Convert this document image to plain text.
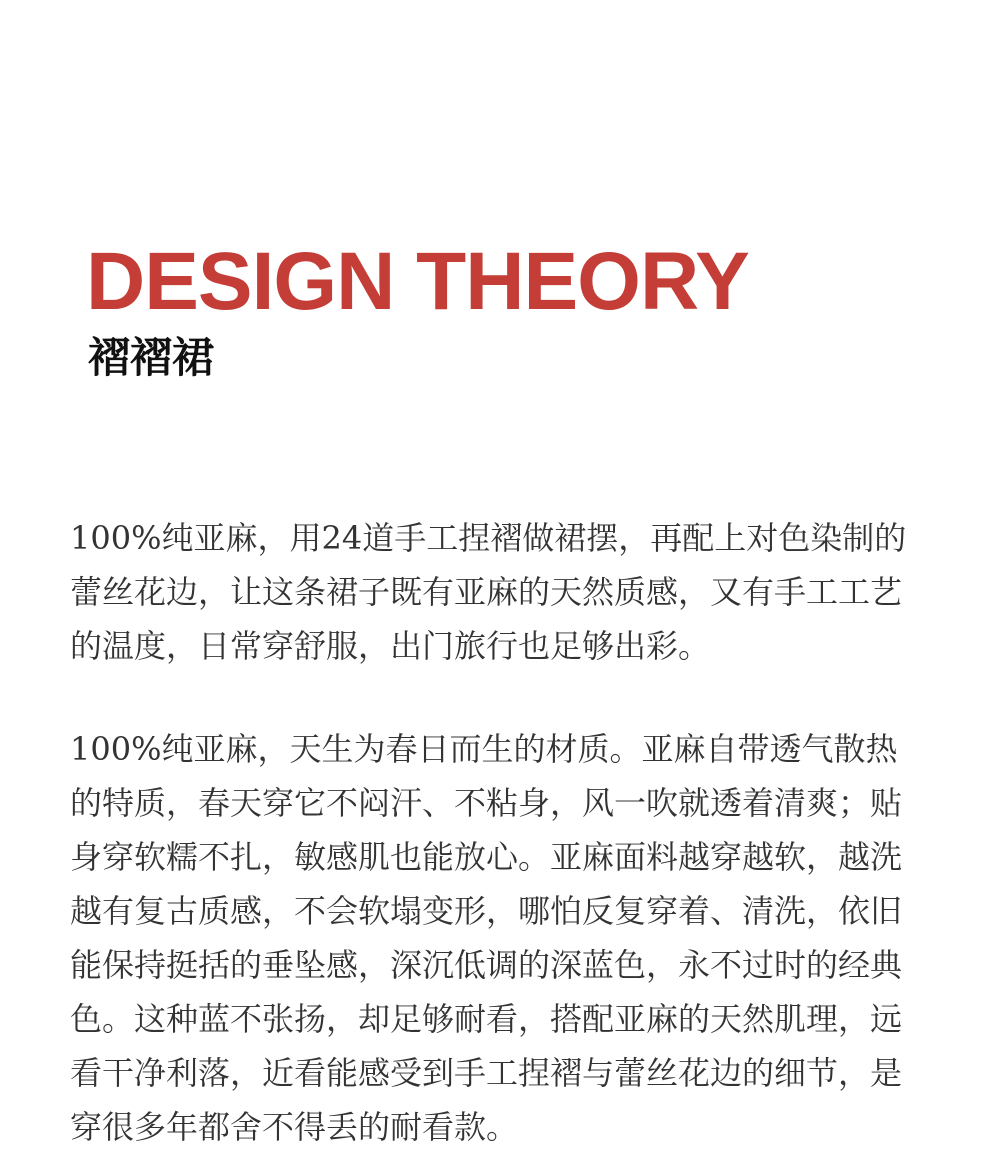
DESIGN THEORY
褶褶裙

100%纯亚麻，用24道手工捏褶做裙摆，再配上对色染制的蕾丝花边，让这条裙子既有亚麻的天然质感，又有手工工艺的温度，日常穿舒服，出门旅行也足够出彩。

100%纯亚麻，天生为春日而生的材质。亚麻自带透气散热的特质，春天穿它不闷汗、不粘身，风一吹就透着清爽；贴身穿软糯不扎，敏感肌也能放心。亚麻面料越穿越软，越洗越有复古质感，不会软塌变形，哪怕反复穿着、清洗，依旧能保持挺括的垂坠感，深沉低调的深蓝色，永不过时的经典色。这种蓝不张扬，却足够耐看，搭配亚麻的天然肌理，远看干净利落，近看能感受到手工捏褶与蕾丝花边的细节，是穿很多年都舍不得丢的耐看款。
